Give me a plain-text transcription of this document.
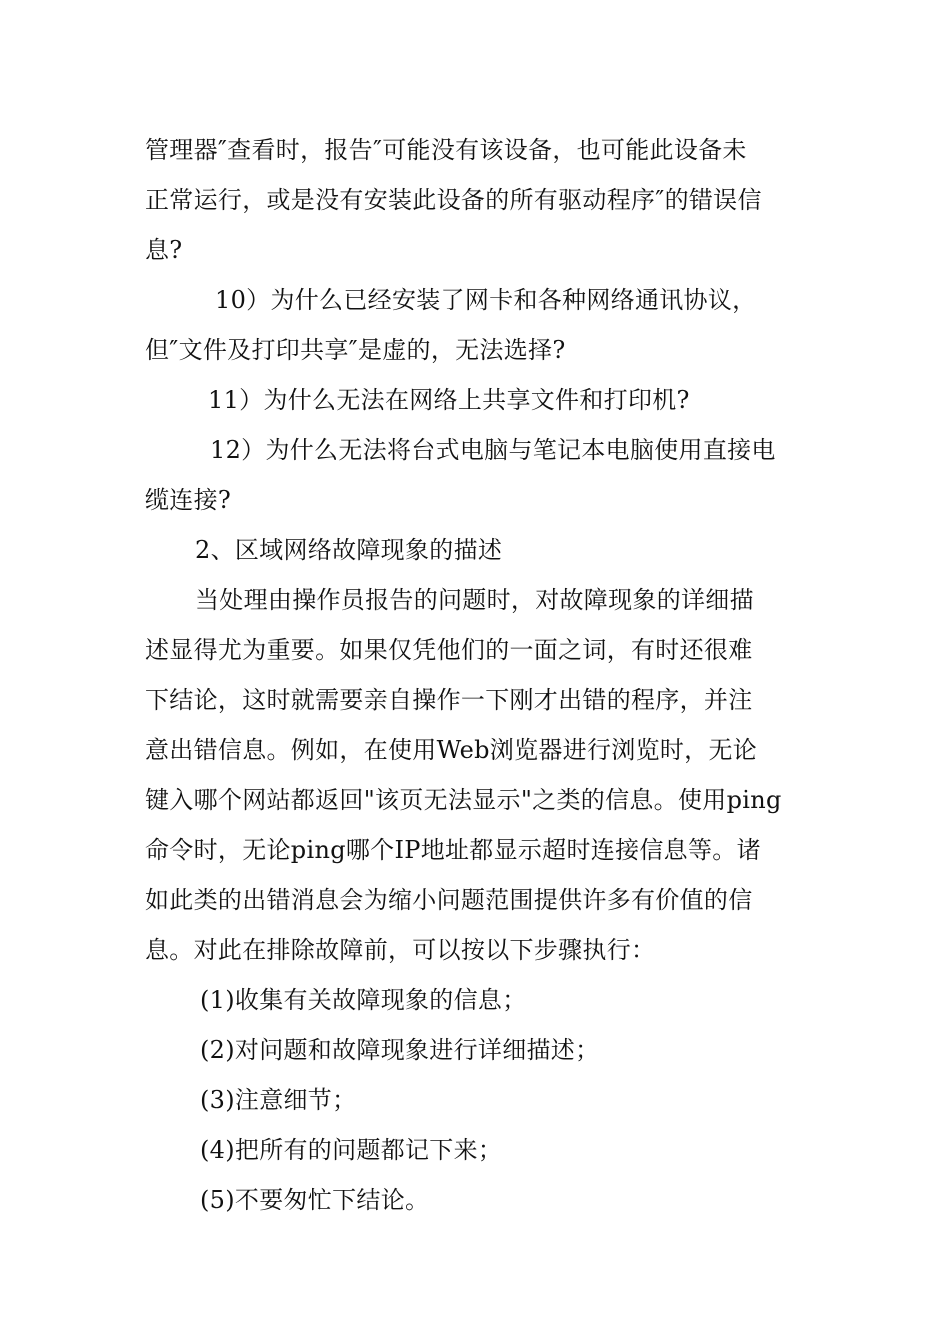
管理器″查看时，报告″可能没有该设备，也可能此设备未
正常运行，或是没有安装此设备的所有驱动程序″的错误信
息?
10）为什么已经安装了网卡和各种网络通讯协议，
但″文件及打印共享″是虚的，无法选择?
11）为什么无法在网络上共享文件和打印机?
12）为什么无法将台式电脑与笔记本电脑使用直接电
缆连接?
2、区域网络故障现象的描述
当处理由操作员报告的问题时，对故障现象的详细描
述显得尤为重要。如果仅凭他们的一面之词，有时还很难
下结论，这时就需要亲自操作一下刚才出错的程序，并注
意出错信息。例如，在使用Web浏览器进行浏览时，无论
键入哪个网站都返回"该页无法显示"之类的信息。使用ping
命令时，无论ping哪个IP地址都显示超时连接信息等。诸
如此类的出错消息会为缩小问题范围提供许多有价值的信
息。对此在排除故障前，可以按以下步骤执行：
(1)收集有关故障现象的信息；
(2)对问题和故障现象进行详细描述；
(3)注意细节；
(4)把所有的问题都记下来；
(5)不要匆忙下结论。
